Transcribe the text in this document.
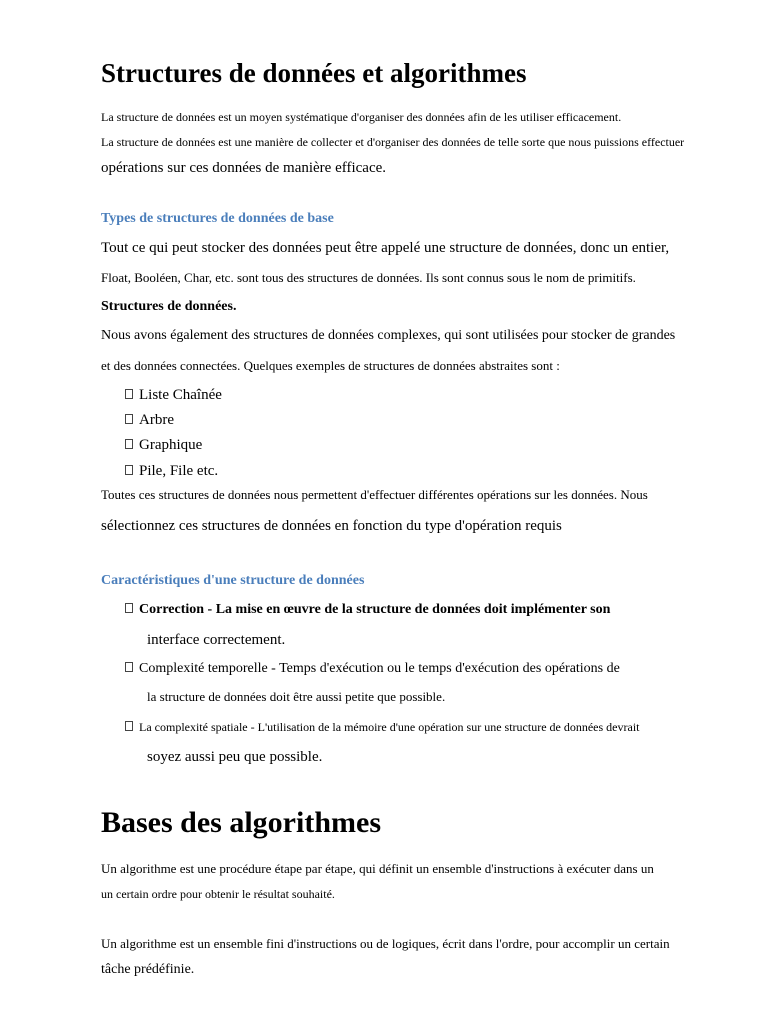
Structures de données et algorithmes
La structure de données est un moyen systématique d'organiser des données afin de les utiliser efficacement.
La structure de données est une manière de collecter et d'organiser des données de telle sorte que nous puissions effectuer
opérations sur ces données de manière efficace.
Types de structures de données de base
Tout ce qui peut stocker des données peut être appelé une structure de données, donc un entier,
Float, Booléen, Char, etc. sont tous des structures de données. Ils sont connus sous le nom de primitifs.
Structures de données.
Nous avons également des structures de données complexes, qui sont utilisées pour stocker de grandes
et des données connectées. Quelques exemples de structures de données abstraites sont :
Liste Chaînée
Arbre
Graphique
Pile, File etc.
Toutes ces structures de données nous permettent d'effectuer différentes opérations sur les données. Nous
sélectionnez ces structures de données en fonction du type d'opération requis
Caractéristiques d'une structure de données
Correction - La mise en œuvre de la structure de données doit implémenter son
interface correctement.
Complexité temporelle - Temps d'exécution ou le temps d'exécution des opérations de
la structure de données doit être aussi petite que possible.
La complexité spatiale - L'utilisation de la mémoire d'une opération sur une structure de données devrait
soyez aussi peu que possible.
Bases des algorithmes
Un algorithme est une procédure étape par étape, qui définit un ensemble d'instructions à exécuter dans un
un certain ordre pour obtenir le résultat souhaité.
Un algorithme est un ensemble fini d'instructions ou de logiques, écrit dans l'ordre, pour accomplir un certain
tâche prédéfinie.
